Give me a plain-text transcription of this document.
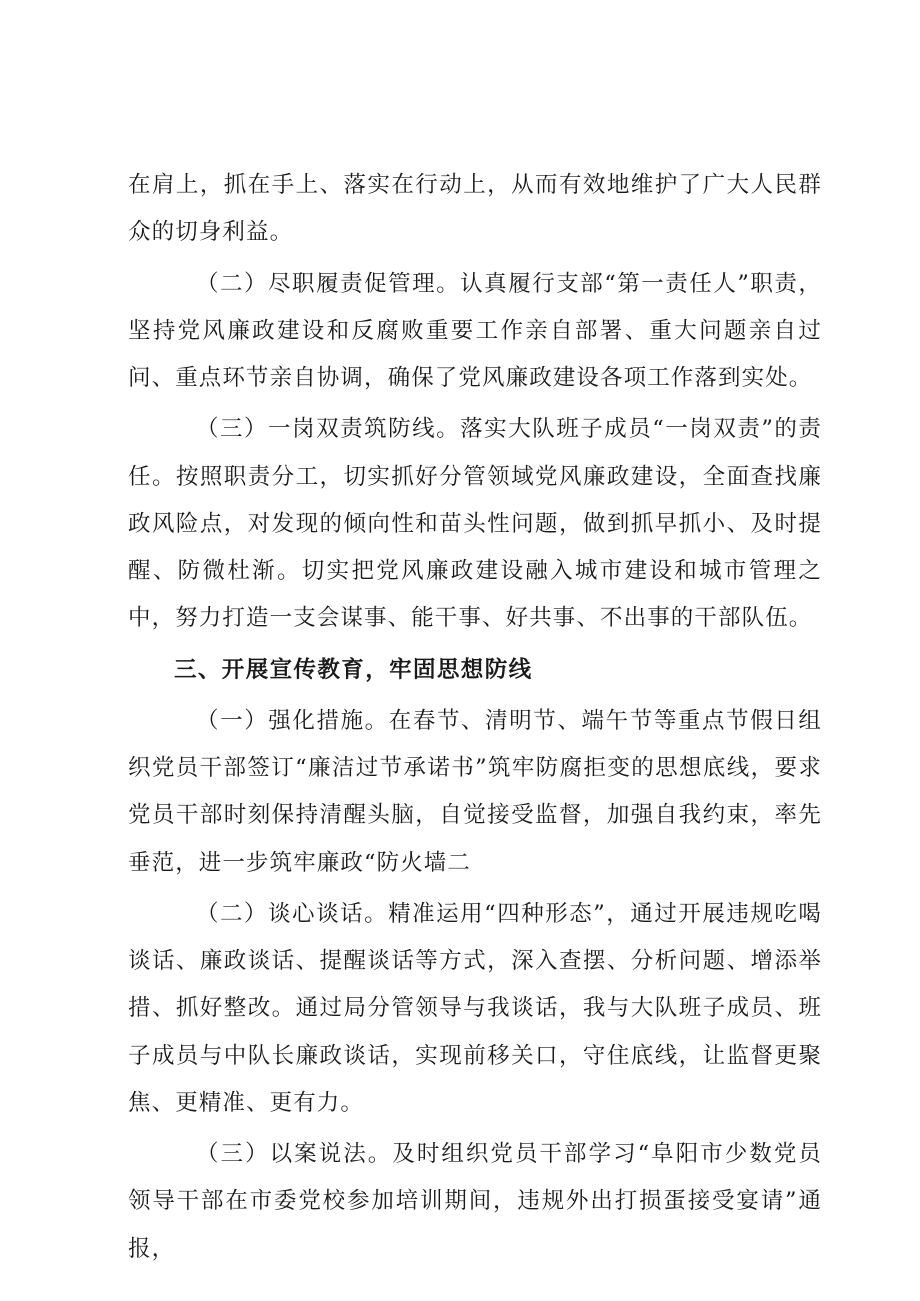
在肩上，抓在手上、落实在行动上，从而有效地维护了广大人民群众的切身利益。

（二）尽职履责促管理。认真履行支部“第一责任人”职责，坚持党风廉政建设和反腐败重要工作亲自部署、重大问题亲自过问、重点环节亲自协调，确保了党风廉政建设各项工作落到实处。

（三）一岗双责筑防线。落实大队班子成员“一岗双责”的责任。按照职责分工，切实抓好分管领域党风廉政建设，全面查找廉政风险点，对发现的倾向性和苗头性问题，做到抓早抓小、及时提醒、防微杜渐。切实把党风廉政建设融入城市建设和城市管理之中，努力打造一支会谋事、能干事、好共事、不出事的干部队伍。

三、开展宣传教育，牢固思想防线

（一）强化措施。在春节、清明节、端午节等重点节假日组织党员干部签订“廉洁过节承诺书”筑牢防腐拒变的思想底线，要求党员干部时刻保持清醒头脑，自觉接受监督，加强自我约束，率先垂范，进一步筑牢廉政“防火墙二

（二）谈心谈话。精准运用“四种形态”，通过开展违规吃喝谈话、廉政谈话、提醒谈话等方式，深入查摆、分析问题、增添举措、抓好整改。通过局分管领导与我谈话，我与大队班子成员、班子成员与中队长廉政谈话，实现前移关口，守住底线，让监督更聚焦、更精准、更有力。

（三）以案说法。及时组织党员干部学习“阜阳市少数党员领导干部在市委党校参加培训期间，违规外出打损蛋接受宴请”通报，
